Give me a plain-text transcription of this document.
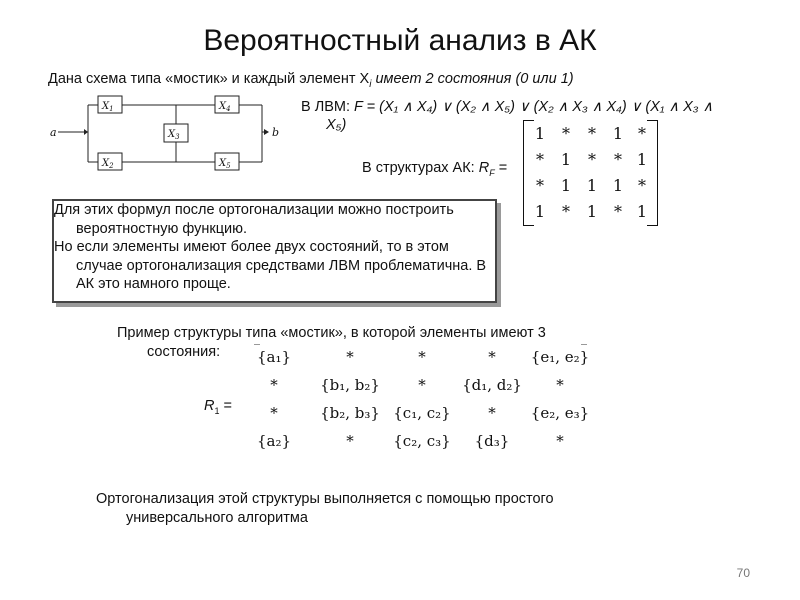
Вероятностный анализ в АК
Дана схема типа «мостик» и каждый элемент $X_i$ имеет 2 состояния (0 или 1)
a	b
$X_1$	$X_4$
$X_3$
$X_2$	$X_5$
В ЛВМ: F = (X₁ ∧ X₄) ∨ (X₂ ∧ X₅) ∨ (X₂ ∧ X₃ ∧ X₄) ∨ (X₁ ∧ X₃ ∧
X₅)
В структурах АК: $R_F$ =
1	*	*	1 *
*	1	*	* 1
*	1 1 1 *
1	*	1	* 1

Для этих формул после ортогонализации можно построить вероятностную функцию.

Но если элементы имеют более двух состояний, то в этом случае ортогонализация средствами ЛВМ проблематична. В АК это намного проще.

Пример структуры типа «мостик», в которой элементы имеют 3 состояния:
$R_1$ =
{a₁}	*	*	*	{e₁, e₂}
*	{b₁, b₂}	*	{d₁, d₂}	*
*	{b₂, b₃} {c₁, c₂}	*	{e₂, e₃}
{a₂}	*	{c₂, c₃}	{d₃}	*
Ортогонализация этой структуры выполняется с помощью простого универсального алгоритма
70
